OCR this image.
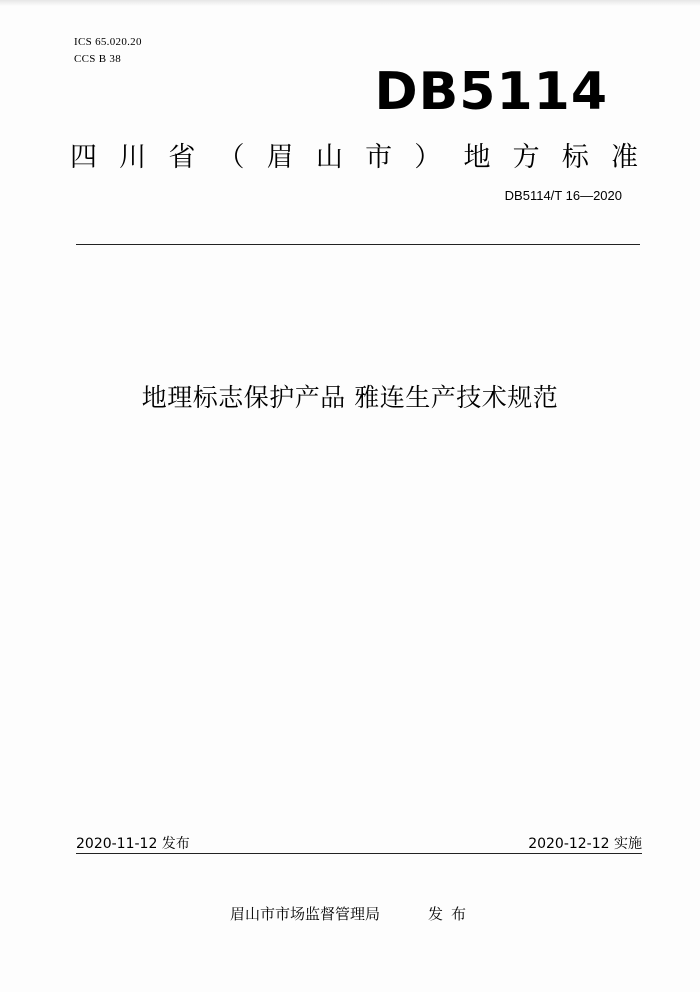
ICS 65.020.20
CCS B 38
DB5114
四川省（眉山市）地方标准
DB5114/T 16—2020
地理标志保护产品 雅连生产技术规范
2020-11-12 发布	2020-12-12 实施
眉山市市场监督管理局	发布
